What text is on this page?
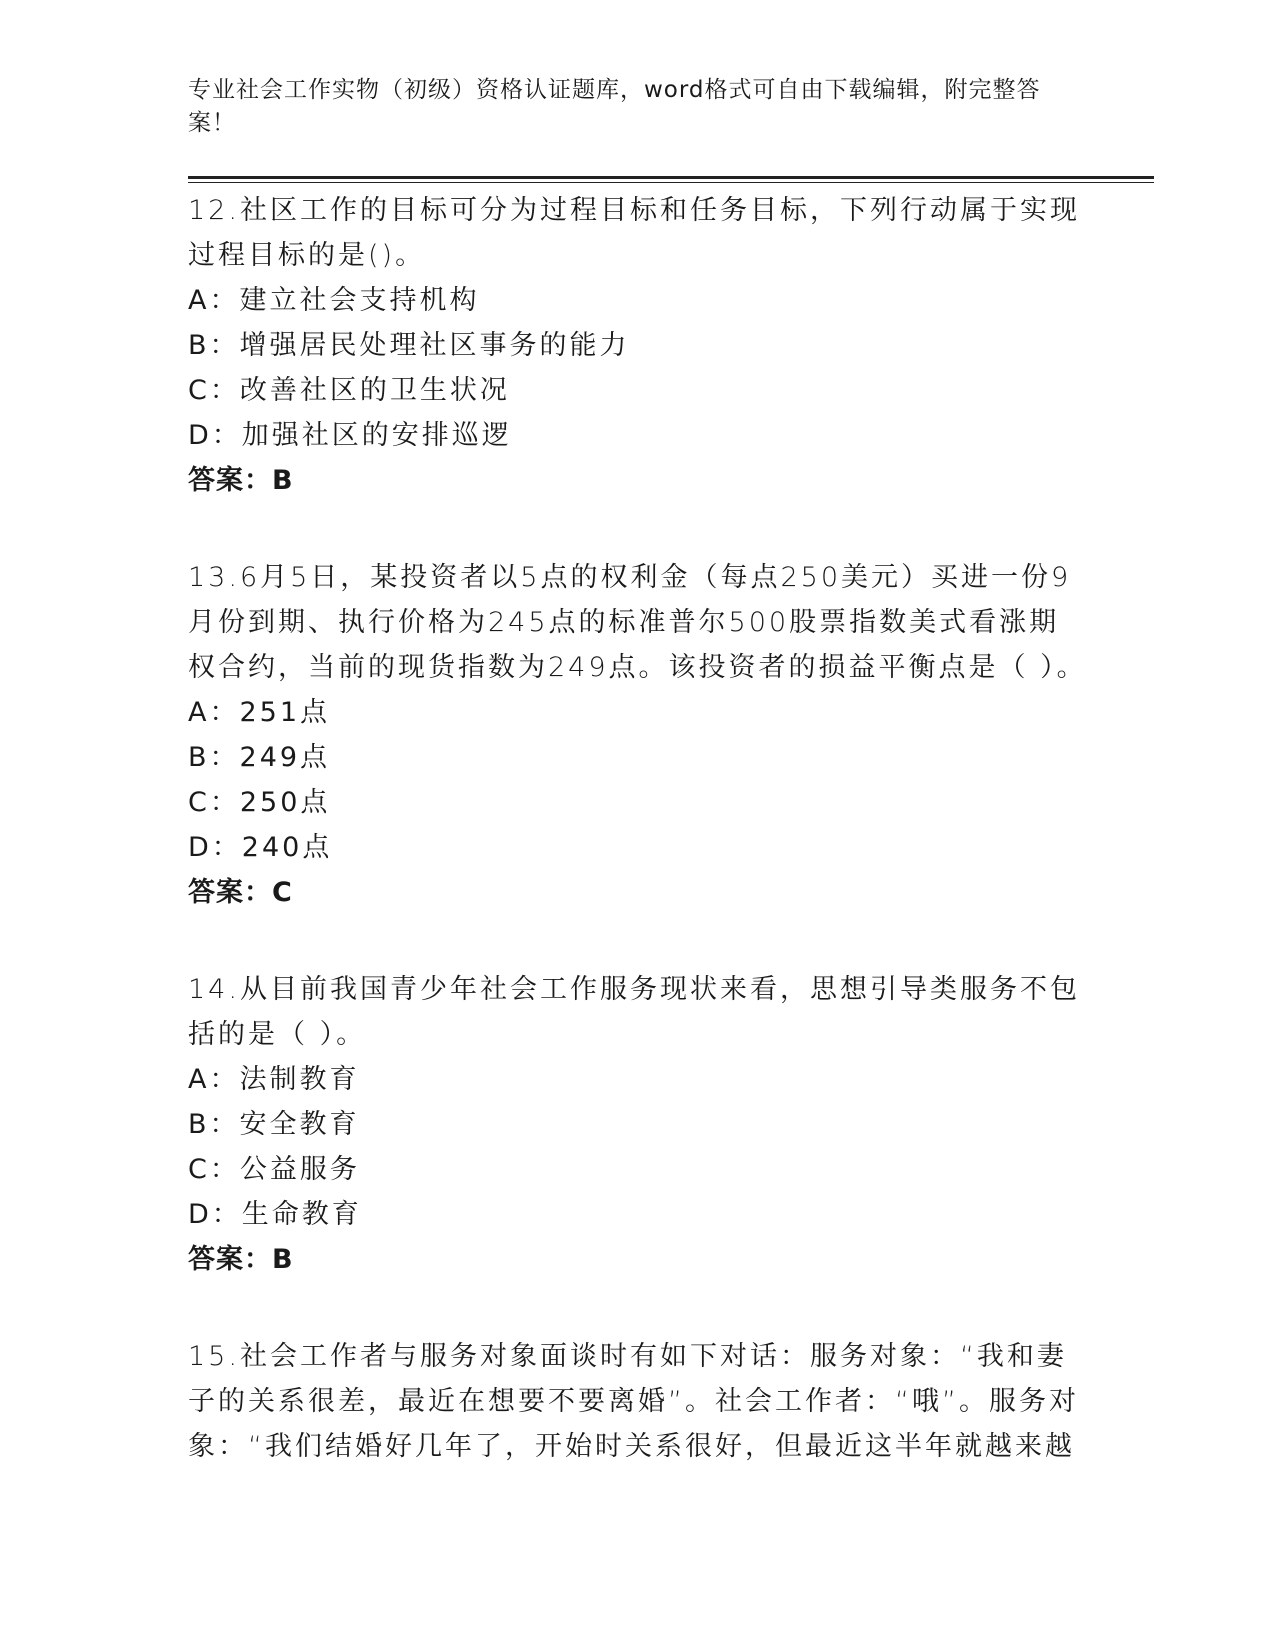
专业社会工作实物（初级）资格认证题库，word格式可自由下载编辑，附完整答案！
12.社区工作的目标可分为过程目标和任务目标，下列行动属于实现过程目标的是()。
A：建立社会支持机构
B：增强居民处理社区事务的能力
C：改善社区的卫生状况
D：加强社区的安排巡逻
答案：B
13.6月5日，某投资者以5点的权利金（每点250美元）买进一份9月份到期、执行价格为245点的标准普尔500股票指数美式看涨期权合约，当前的现货指数为249点。该投资者的损益平衡点是（ ）。
A：251点
B：249点
C：250点
D：240点
答案：C
14.从目前我国青少年社会工作服务现状来看，思想引导类服务不包括的是（ ）。
A：法制教育
B：安全教育
C：公益服务
D：生命教育
答案：B
15.社会工作者与服务对象面谈时有如下对话：服务对象：“我和妻子的关系很差，最近在想要不要离婚”。社会工作者：“哦”。服务对象：“我们结婚好几年了，开始时关系很好，但最近这半年就越来越
